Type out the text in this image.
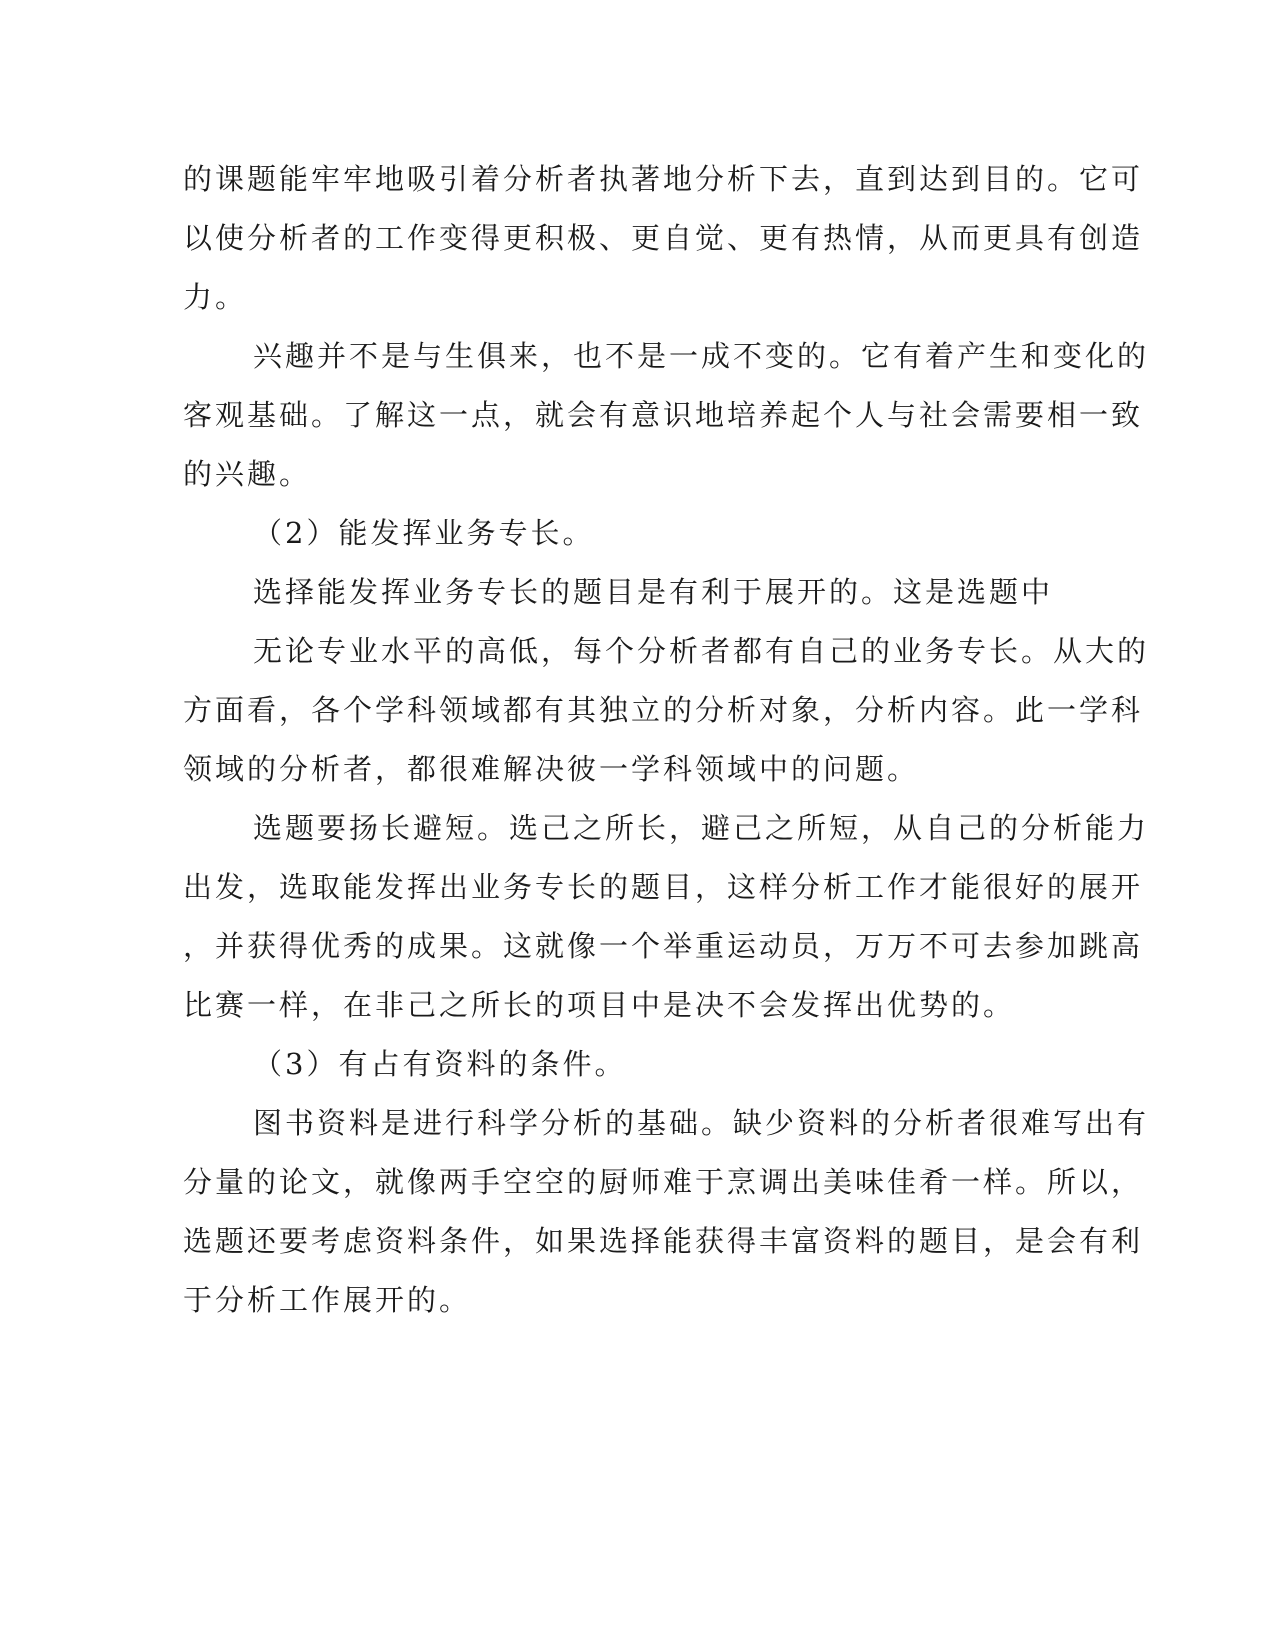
的课题能牢牢地吸引着分析者执著地分析下去，直到达到目的。它可
以使分析者的工作变得更积极、更自觉、更有热情，从而更具有创造
力。
兴趣并不是与生俱来，也不是一成不变的。它有着产生和变化的
客观基础。了解这一点，就会有意识地培养起个人与社会需要相一致
的兴趣。
（2）能发挥业务专长。
选择能发挥业务专长的题目是有利于展开的。这是选题中
无论专业水平的高低，每个分析者都有自己的业务专长。从大的
方面看，各个学科领域都有其独立的分析对象，分析内容。此一学科
领域的分析者，都很难解决彼一学科领域中的问题。
选题要扬长避短。选己之所长，避己之所短，从自己的分析能力
出发，选取能发挥出业务专长的题目，这样分析工作才能很好的展开
，并获得优秀的成果。这就像一个举重运动员，万万不可去参加跳高
比赛一样，在非己之所长的项目中是决不会发挥出优势的。
（3）有占有资料的条件。
图书资料是进行科学分析的基础。缺少资料的分析者很难写出有
分量的论文，就像两手空空的厨师难于烹调出美味佳肴一样。所以，
选题还要考虑资料条件，如果选择能获得丰富资料的题目，是会有利
于分析工作展开的。
